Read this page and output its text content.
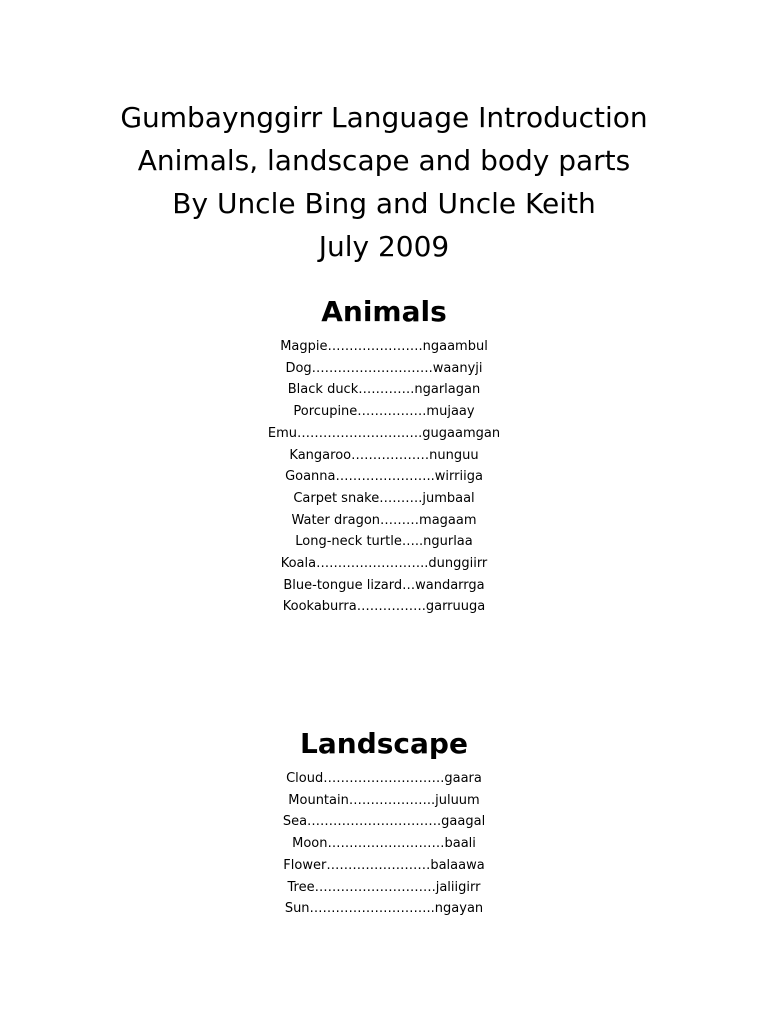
Gumbaynggirr Language Introduction

Animals, landscape and body parts

By Uncle Bing and Uncle Keith

July 2009

Animals
Magpie………………….ngaambul
Dog……………………….waanyji
Black duck………….ngarlagan
Porcupine…………….mujaay
Emu…………………….….gugaamgan
Kangaroo………………nunguu
Goanna…………………..wirriiga
Carpet snake……….jumbaal
Water dragon………magaam
Long-neck turtle…..ngurlaa
Koala……………………..dunggiirr
Blue-tongue lizard…wandarrga
Kookaburra…………….garruuga
Landscape
Cloud……………………….gaara
Mountain………………..juluum
Sea………………………….gaagal
Moon………………………baali
Flower……………………balaawa
Tree……………………….jaliigirr
Sun………………………..ngayan
